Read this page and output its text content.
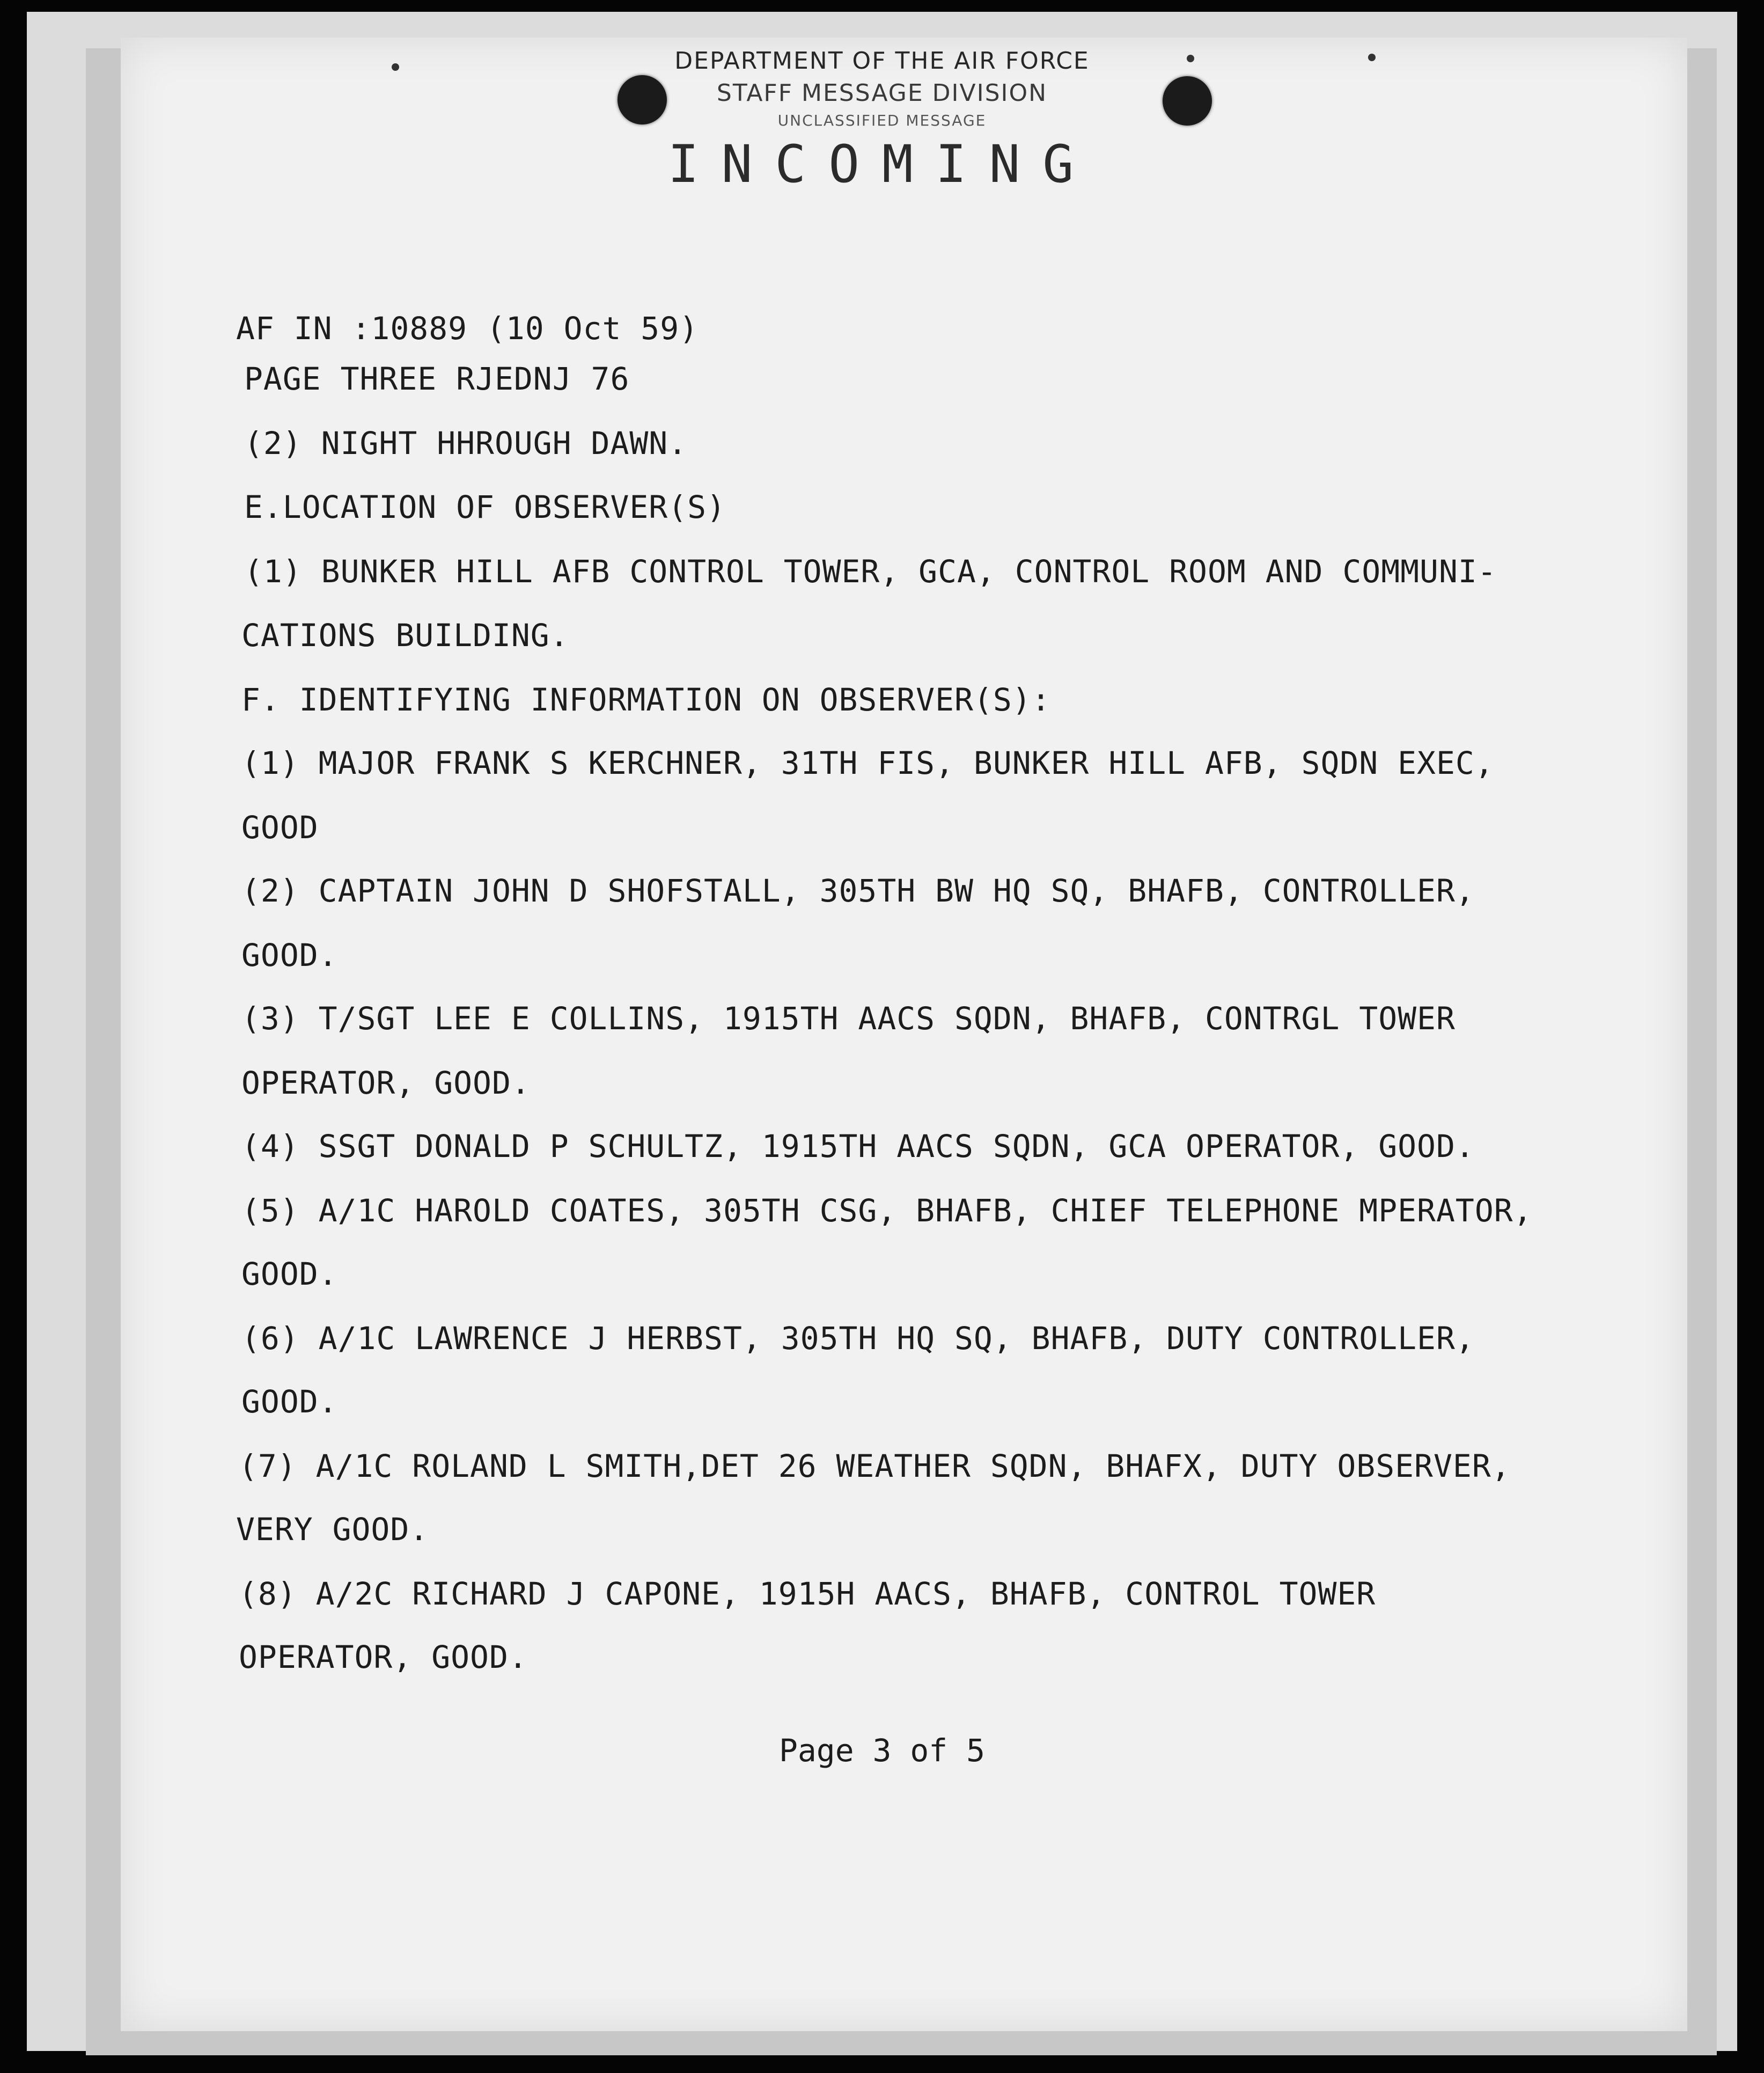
DEPARTMENT OF THE AIR FORCE
STAFF MESSAGE DIVISION
UNCLASSIFIED MESSAGE
INCOMING
AF IN :10889 (10 Oct 59)
PAGE THREE RJEDNJ 76
(2) NIGHT HHROUGH DAWN.
E.LOCATION OF OBSERVER(S)
(1) BUNKER HILL AFB CONTROL TOWER, GCA, CONTROL ROOM AND COMMUNI-
CATIONS BUILDING.
F. IDENTIFYING INFORMATION ON OBSERVER(S):
(1) MAJOR FRANK S KERCHNER, 31TH FIS, BUNKER HILL AFB, SQDN EXEC,
GOOD
(2) CAPTAIN JOHN D SHOFSTALL, 305TH BW HQ SQ, BHAFB, CONTROLLER,
GOOD.
(3) T/SGT LEE E COLLINS, 1915TH AACS SQDN, BHAFB, CONTRGL TOWER
OPERATOR, GOOD.
(4) SSGT DONALD P SCHULTZ, 1915TH AACS SQDN, GCA OPERATOR, GOOD.
(5) A/1C HAROLD COATES, 305TH CSG, BHAFB, CHIEF TELEPHONE MPERATOR,
GOOD.
(6) A/1C LAWRENCE J HERBST, 305TH HQ SQ, BHAFB, DUTY CONTROLLER,
GOOD.
(7) A/1C ROLAND L SMITH,DET 26 WEATHER SQDN, BHAFX, DUTY OBSERVER,
VERY GOOD.
(8) A/2C RICHARD J CAPONE, 1915H AACS, BHAFB, CONTROL TOWER
OPERATOR, GOOD.
Page 3 of 5
